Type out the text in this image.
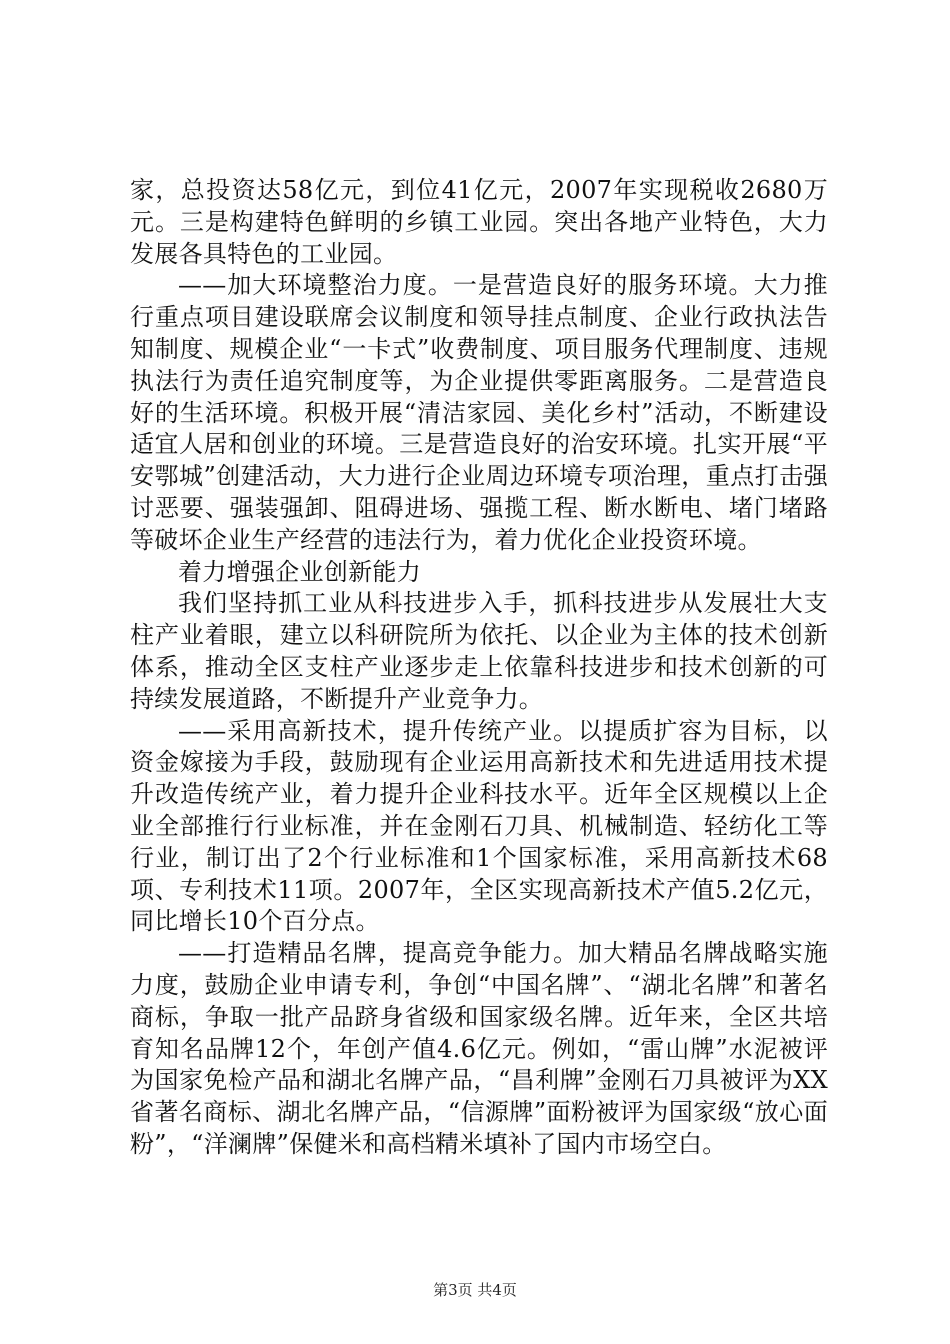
家，总投资达58亿元，到位41亿元，2007年实现税收2680万元。三是构建特色鲜明的乡镇工业园。突出各地产业特色，大力发展各具特色的工业园。

——加大环境整治力度。一是营造良好的服务环境。大力推行重点项目建设联席会议制度和领导挂点制度、企业行政执法告知制度、规模企业“一卡式”收费制度、项目服务代理制度、违规执法行为责任追究制度等，为企业提供零距离服务。二是营造良好的生活环境。积极开展“清洁家园、美化乡村”活动，不断建设适宜人居和创业的环境。三是营造良好的治安环境。扎实开展“平安鄂城”创建活动，大力进行企业周边环境专项治理，重点打击强讨恶要、强装强卸、阻碍进场、强揽工程、断水断电、堵门堵路等破坏企业生产经营的违法行为，着力优化企业投资环境。

着力增强企业创新能力

我们坚持抓工业从科技进步入手，抓科技进步从发展壮大支柱产业着眼，建立以科研院所为依托、以企业为主体的技术创新体系，推动全区支柱产业逐步走上依靠科技进步和技术创新的可持续发展道路，不断提升产业竞争力。

——采用高新技术，提升传统产业。以提质扩容为目标，以资金嫁接为手段，鼓励现有企业运用高新技术和先进适用技术提升改造传统产业，着力提升企业科技水平。近年全区规模以上企业全部推行行业标准，并在金刚石刀具、机械制造、轻纺化工等行业，制订出了2个行业标准和1个国家标准，采用高新技术68项、专利技术11项。2007年，全区实现高新技术产值5.2亿元，同比增长10个百分点。

——打造精品名牌，提高竞争能力。加大精品名牌战略实施力度，鼓励企业申请专利，争创“中国名牌”、“湖北名牌”和著名商标，争取一批产品跻身省级和国家级名牌。近年来，全区共培育知名品牌12个，年创产值4.6亿元。例如，“雷山牌”水泥被评为国家免检产品和湖北名牌产品，“昌利牌”金刚石刀具被评为XX省著名商标、湖北名牌产品，“信源牌”面粉被评为国家级“放心面粉”，“洋澜牌”保健米和高档精米填补了国内市场空白。

第3页 共4页
